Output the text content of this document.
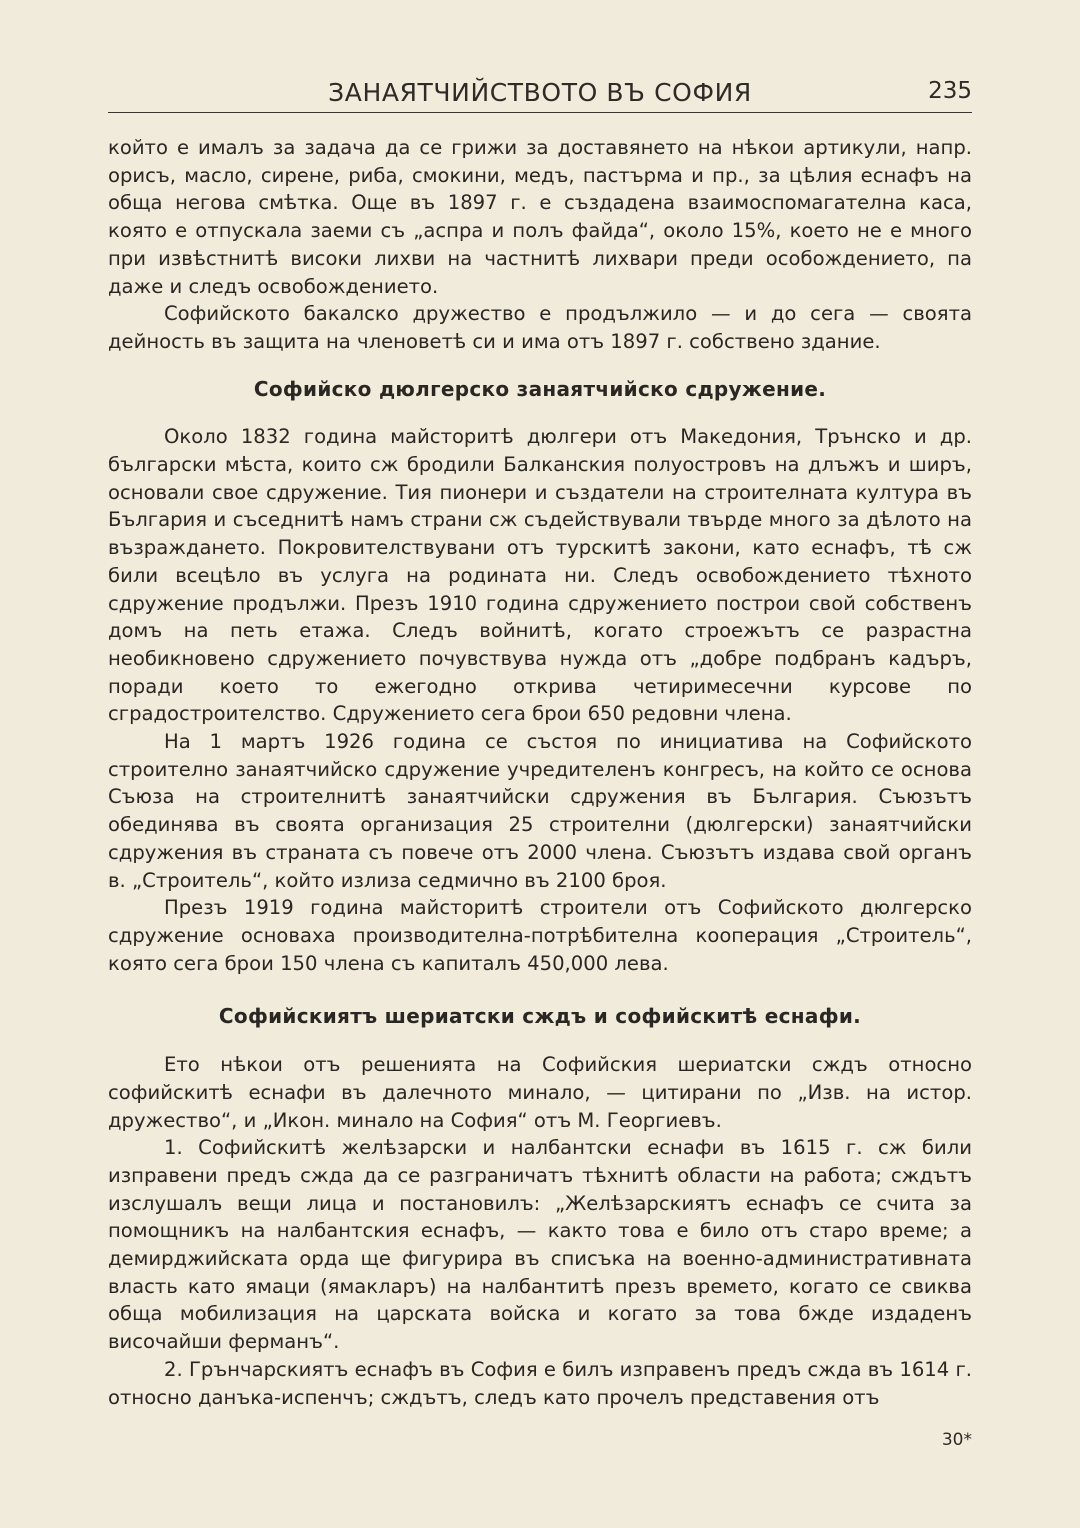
ЗАНАЯТЧИЙСТВОТО ВЪ СОФИЯ	235

който е ималъ за задача да се грижи за доставянето на нѣкои артикули, напр. орисъ, масло, сирене, риба, смокини, медъ, пастърма и пр., за цѣлия еснафъ на обща негова смѣтка. Още въ 1897 г. е създадена взаимоспомагателна каса, която е отпускала заеми съ „аспра и полъ файда“, около 15%, което не е много при извѣстнитѣ високи лихви на частнитѣ лихвари преди особождението, па даже и следъ освобождението.

Софийското бакалско дружество е продължило — и до сега — своята дейность въ защита на членоветѣ си и има отъ 1897 г. собствено здание.

Софийско дюлгерско занаятчийско сдружение.

Около 1832 година майсторитѣ дюлгери отъ Македония, Трънско и др. български мѣста, които сж бродили Балканския полуостровъ на длъжъ и ширъ, основали свое сдружение. Тия пионери и създатели на строителната култура въ България и съседнитѣ намъ страни сж съдействували твърде много за дѣлото на възраждането. Покровителствувани отъ турскитѣ закони, като еснафъ, тѣ сж били всецѣло въ услуга на родината ни. Следъ освобождението тѣхното сдружение продължи. Презъ 1910 година сдружението построи свой собственъ домъ на петь етажа. Следъ войнитѣ, когато строежътъ се разрастна необикновено сдружението почувствува нужда отъ „добре подбранъ кадъръ, поради което то ежегодно открива четиримесечни курсове по сградостроителство. Сдружението сега брои 650 редовни члена.

На 1 мартъ 1926 година се състоя по инициатива на Софийското строително занаятчийско сдружение учредителенъ конгресъ, на който се основа Съюза на строителнитѣ занаятчийски сдружения въ България. Съюзътъ обединява въ своята организация 25 строителни (дюлгерски) занаятчийски сдружения въ страната съ повече отъ 2000 члена. Съюзътъ издава свой органъ в. „Строитель“, който излиза седмично въ 2100 броя.

Презъ 1919 година майсторитѣ строители отъ Софийското дюлгерско сдружение основаха производителна-потрѣбителна кооперация „Строитель“, която сега брои 150 члена съ капиталъ 450,000 лева.

Софийскиятъ шериатски сждъ и софийскитѣ еснафи.

Ето нѣкои отъ решенията на Софийския шериатски сждъ относно софийскитѣ еснафи въ далечното минало, — цитирани по „Изв. на истор. дружество“, и „Икон. минало на София“ отъ М. Георгиевъ.

1. Софийскитѣ желѣзарски и налбантски еснафи въ 1615 г. сж били изправени предъ сжда да се разграничатъ тѣхнитѣ области на работа; сждътъ изслушалъ вещи лица и постановилъ: „Желѣзарскиятъ еснафъ се счита за помощникъ на налбантския еснафъ, — както това е било отъ старо време; а демирджийската орда ще фигурира въ списъка на военно-административната власть като ямаци (ямакларъ) на налбантитѣ презъ времето, когато се свиква обща мобилизация на царската войска и когато за това бжде издаденъ височайши ферманъ“.

2. Грънчарскиятъ еснафъ въ София е билъ изправенъ предъ сжда въ 1614 г. относно данъка-испенчъ; сждътъ, следъ като прочелъ представения отъ

30*
